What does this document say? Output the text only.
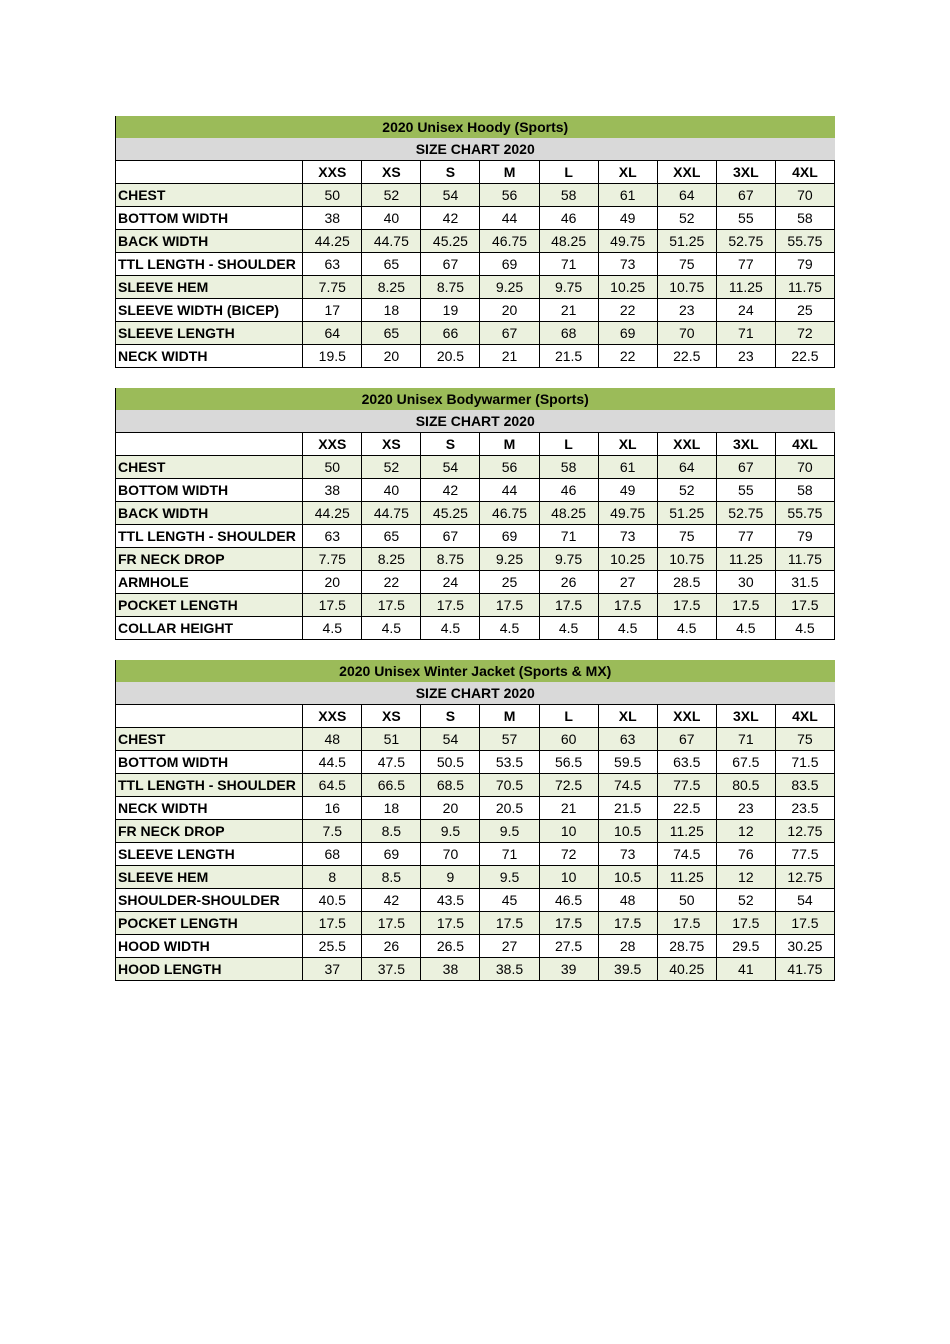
2020 Unisex Hoody (Sports)									
SIZE CHART 2020									
	XXS	XS	S	M	L	XL	XXL	3XL	4XL
CHEST	50	52	54	56	58	61	64	67	70
BOTTOM WIDTH	38	40	42	44	46	49	52	55	58
BACK WIDTH	44.25	44.75	45.25	46.75	48.25	49.75	51.25	52.75	55.75
TTL LENGTH - SHOULDER	63	65	67	69	71	73	75	77	79
SLEEVE HEM	7.75	8.25	8.75	9.25	9.75	10.25	10.75	11.25	11.75
SLEEVE WIDTH (BICEP)	17	18	19	20	21	22	23	24	25
SLEEVE LENGTH	64	65	66	67	68	69	70	71	72
NECK WIDTH	19.5	20	20.5	21	21.5	22	22.5	23	22.5
2020 Unisex Bodywarmer (Sports)									
SIZE CHART 2020									
	XXS	XS	S	M	L	XL	XXL	3XL	4XL
CHEST	50	52	54	56	58	61	64	67	70
BOTTOM WIDTH	38	40	42	44	46	49	52	55	58
BACK WIDTH	44.25	44.75	45.25	46.75	48.25	49.75	51.25	52.75	55.75
TTL LENGTH - SHOULDER	63	65	67	69	71	73	75	77	79
FR NECK DROP	7.75	8.25	8.75	9.25	9.75	10.25	10.75	11.25	11.75
ARMHOLE	20	22	24	25	26	27	28.5	30	31.5
POCKET LENGTH	17.5	17.5	17.5	17.5	17.5	17.5	17.5	17.5	17.5
COLLAR HEIGHT	4.5	4.5	4.5	4.5	4.5	4.5	4.5	4.5	4.5
2020 Unisex Winter Jacket (Sports & MX)									
SIZE CHART 2020									
	XXS	XS	S	M	L	XL	XXL	3XL	4XL
CHEST	48	51	54	57	60	63	67	71	75
BOTTOM WIDTH	44.5	47.5	50.5	53.5	56.5	59.5	63.5	67.5	71.5
TTL LENGTH - SHOULDER	64.5	66.5	68.5	70.5	72.5	74.5	77.5	80.5	83.5
NECK WIDTH	16	18	20	20.5	21	21.5	22.5	23	23.5
FR NECK DROP	7.5	8.5	9.5	9.5	10	10.5	11.25	12	12.75
SLEEVE LENGTH	68	69	70	71	72	73	74.5	76	77.5
SLEEVE HEM	8	8.5	9	9.5	10	10.5	11.25	12	12.75
SHOULDER-SHOULDER	40.5	42	43.5	45	46.5	48	50	52	54
POCKET LENGTH	17.5	17.5	17.5	17.5	17.5	17.5	17.5	17.5	17.5
HOOD WIDTH	25.5	26	26.5	27	27.5	28	28.75	29.5	30.25
HOOD LENGTH	37	37.5	38	38.5	39	39.5	40.25	41	41.75
